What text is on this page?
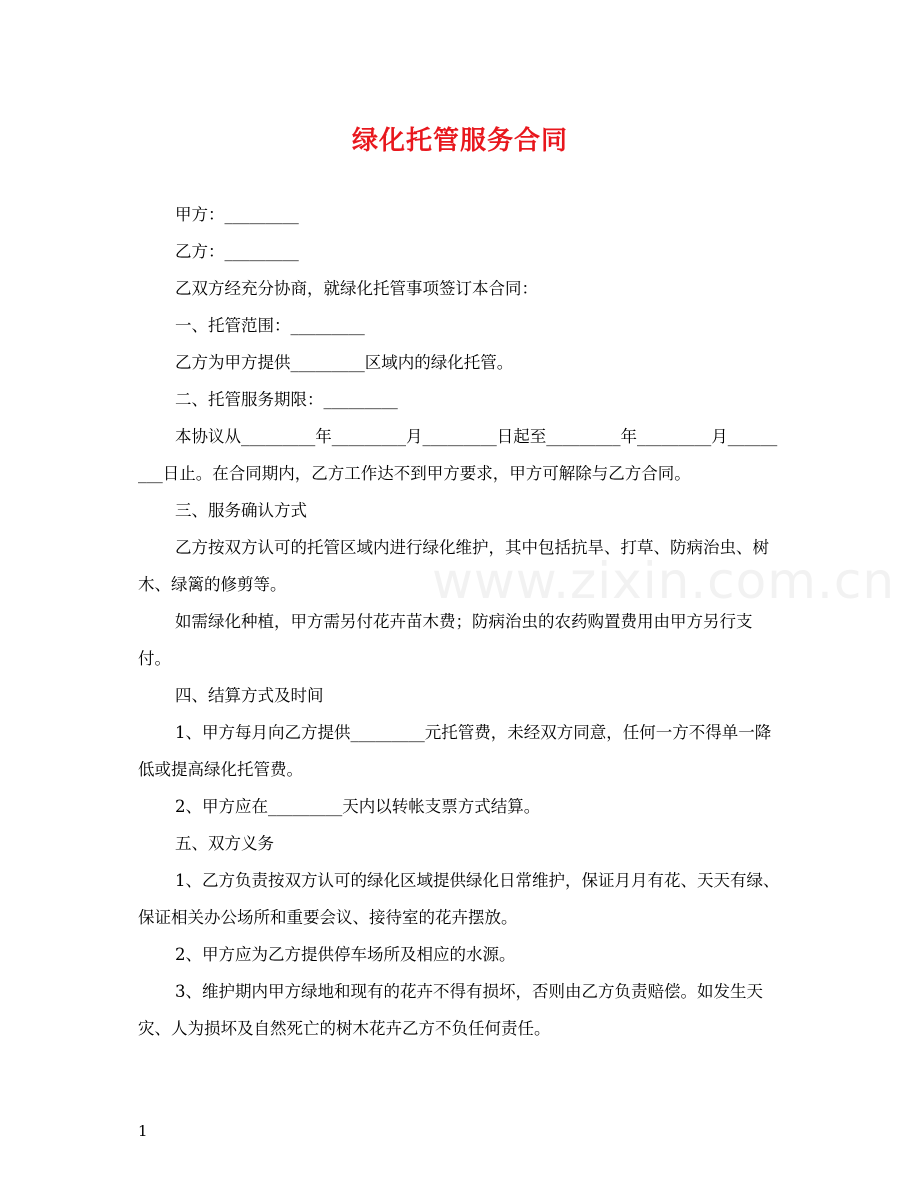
www.zixin.com.cn
绿化托管服务合同

甲方：_________

乙方：_________

乙双方经充分协商，就绿化托管事项签订本合同：

一、托管范围：_________

乙方为甲方提供_________区域内的绿化托管。

二、托管服务期限：_________

本协议从_________年_________月_________日起至_________年_________月_________日止。在合同期内，乙方工作达不到甲方要求，甲方可解除与乙方合同。

三、服务确认方式

乙方按双方认可的托管区域内进行绿化维护，其中包括抗旱、打草、防病治虫、树木、绿篱的修剪等。

如需绿化种植，甲方需另付花卉苗木费；防病治虫的农药购置费用由甲方另行支付。

四、结算方式及时间

1、甲方每月向乙方提供_________元托管费，未经双方同意，任何一方不得单一降低或提高绿化托管费。

2、甲方应在_________天内以转帐支票方式结算。

五、双方义务

1、乙方负责按双方认可的绿化区域提供绿化日常维护，保证月月有花、天天有绿、保证相关办公场所和重要会议、接待室的花卉摆放。

2、甲方应为乙方提供停车场所及相应的水源。

3、维护期内甲方绿地和现有的花卉不得有损坏，否则由乙方负责赔偿。如发生天灾、人为损坏及自然死亡的树木花卉乙方不负任何责任。

1
